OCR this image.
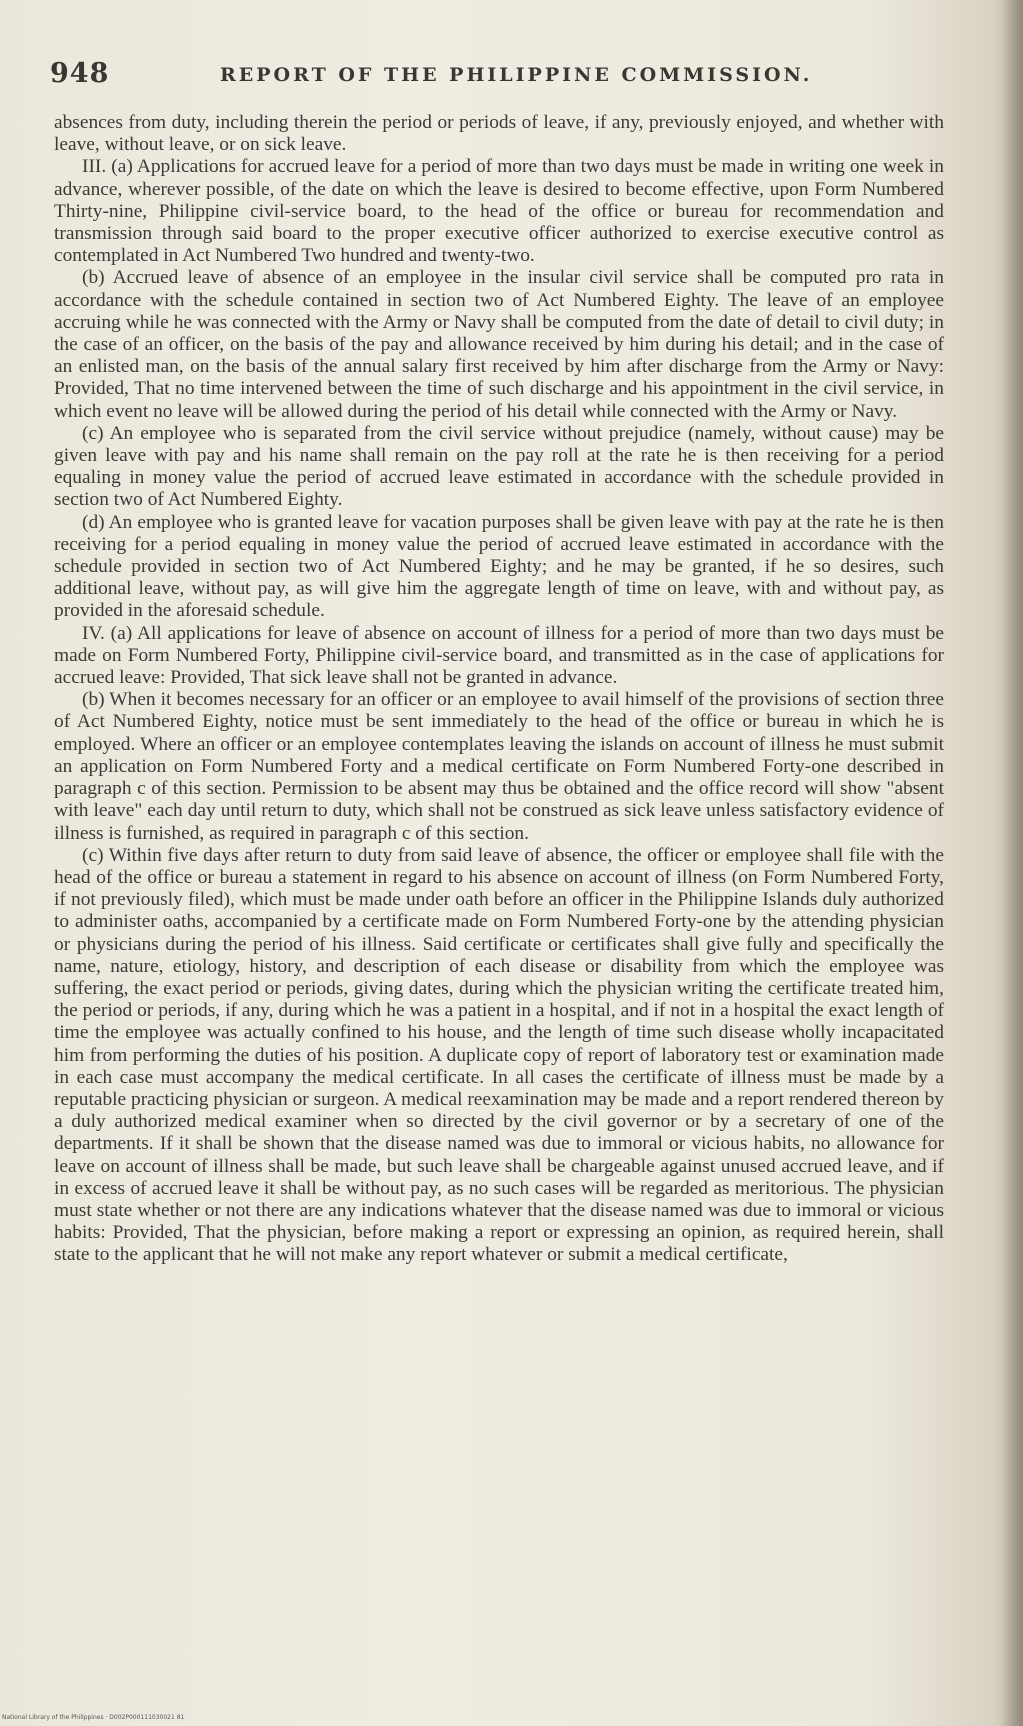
948	REPORT OF THE PHILIPPINE COMMISSION.

absences from duty, including therein the period or periods of leave, if any, previously enjoyed, and whether with leave, without leave, or on sick leave.

III. (a) Applications for accrued leave for a period of more than two days must be made in writing one week in advance, wherever possible, of the date on which the leave is desired to become effective, upon Form Numbered Thirty-nine, Philippine civil-service board, to the head of the office or bureau for recommendation and transmission through said board to the proper executive officer authorized to exercise executive control as contemplated in Act Numbered Two hundred and twenty-two.

(b) Accrued leave of absence of an employee in the insular civil service shall be computed pro rata in accordance with the schedule contained in section two of Act Numbered Eighty. The leave of an employee accruing while he was connected with the Army or Navy shall be computed from the date of detail to civil duty; in the case of an officer, on the basis of the pay and allowance received by him during his detail; and in the case of an enlisted man, on the basis of the annual salary first received by him after discharge from the Army or Navy: Provided, That no time intervened between the time of such discharge and his appointment in the civil service, in which event no leave will be allowed during the period of his detail while connected with the Army or Navy.

(c) An employee who is separated from the civil service without prejudice (namely, without cause) may be given leave with pay and his name shall remain on the pay roll at the rate he is then receiving for a period equaling in money value the period of accrued leave estimated in accordance with the schedule provided in section two of Act Numbered Eighty.

(d) An employee who is granted leave for vacation purposes shall be given leave with pay at the rate he is then receiving for a period equaling in money value the period of accrued leave estimated in accordance with the schedule provided in section two of Act Numbered Eighty; and he may be granted, if he so desires, such additional leave, without pay, as will give him the aggregate length of time on leave, with and without pay, as provided in the aforesaid schedule.

IV. (a) All applications for leave of absence on account of illness for a period of more than two days must be made on Form Numbered Forty, Philippine civil-service board, and transmitted as in the case of applications for accrued leave: Provided, That sick leave shall not be granted in advance.

(b) When it becomes necessary for an officer or an employee to avail himself of the provisions of section three of Act Numbered Eighty, notice must be sent immediately to the head of the office or bureau in which he is employed. Where an officer or an employee contemplates leaving the islands on account of illness he must submit an application on Form Numbered Forty and a medical certificate on Form Numbered Forty-one described in paragraph c of this section. Permission to be absent may thus be obtained and the office record will show "absent with leave" each day until return to duty, which shall not be construed as sick leave unless satisfactory evidence of illness is furnished, as required in paragraph c of this section.

(c) Within five days after return to duty from said leave of absence, the officer or employee shall file with the head of the office or bureau a statement in regard to his absence on account of illness (on Form Numbered Forty, if not previously filed), which must be made under oath before an officer in the Philippine Islands duly authorized to administer oaths, accompanied by a certificate made on Form Numbered Forty-one by the attending physician or physicians during the period of his illness. Said certificate or certificates shall give fully and specifically the name, nature, etiology, history, and description of each disease or disability from which the employee was suffering, the exact period or periods, giving dates, during which the physician writing the certificate treated him, the period or periods, if any, during which he was a patient in a hospital, and if not in a hospital the exact length of time the employee was actually confined to his house, and the length of time such disease wholly incapacitated him from performing the duties of his position. A duplicate copy of report of laboratory test or examination made in each case must accompany the medical certificate. In all cases the certificate of illness must be made by a reputable practicing physician or surgeon. A medical reexamination may be made and a report rendered thereon by a duly authorized medical examiner when so directed by the civil governor or by a secretary of one of the departments. If it shall be shown that the disease named was due to immoral or vicious habits, no allowance for leave on account of illness shall be made, but such leave shall be chargeable against unused accrued leave, and if in excess of accrued leave it shall be without pay, as no such cases will be regarded as meritorious. The physician must state whether or not there are any indications whatever that the disease named was due to immoral or vicious habits: Provided, That the physician, before making a report or expressing an opinion, as required herein, shall state to the applicant that he will not make any report whatever or submit a medical certificate,

National Library of the Philippines · D002P000111030021 81
